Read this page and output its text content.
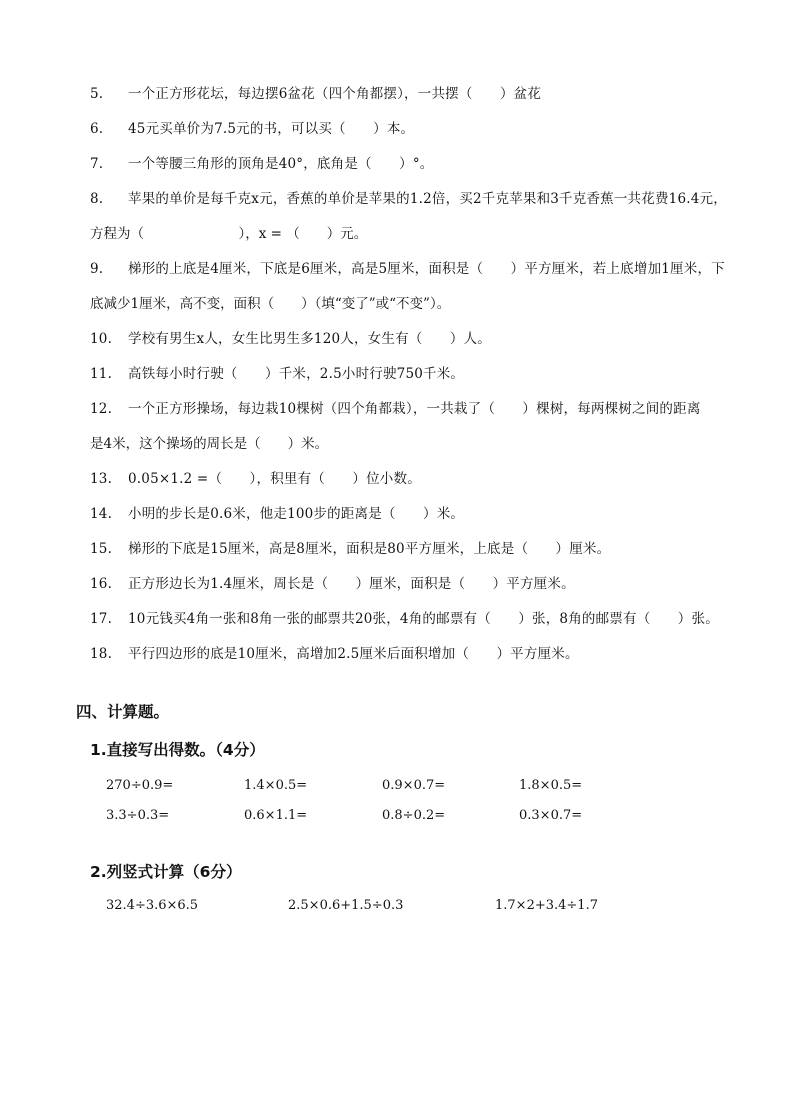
5. 一个正方形花坛，每边摆6盆花（四个角都摆），一共摆（　　）盆花
6. 45元买单价为7.5元的书，可以买（　　）本。
7. 一个等腰三角形的顶角是40°，底角是（　　）°。
8. 苹果的单价是每千克x元，香蕉的单价是苹果的1.2倍，买2千克苹果和3千克香蕉一共花费16.4元，
方程为（　　　　　　　），x = （　　）元。
9. 梯形的上底是4厘米，下底是6厘米，高是5厘米，面积是（　　）平方厘米，若上底增加1厘米，下
底减少1厘米，高不变，面积（　　）（填“变了”或“不变”）。
10. 学校有男生x人，女生比男生多120人，女生有（　　）人。
11. 高铁每小时行驶（　　）千米，2.5小时行驶750千米。
12. 一个正方形操场，每边栽10棵树（四个角都栽），一共栽了（　　）棵树，每两棵树之间的距离
是4米，这个操场的周长是（　　）米。
13. 0.05×1.2 =（　　），积里有（　　）位小数。
14. 小明的步长是0.6米，他走100步的距离是（　　）米。
15. 梯形的下底是15厘米，高是8厘米，面积是80平方厘米，上底是（　　）厘米。
16. 正方形边长为1.4厘米，周长是（　　）厘米，面积是（　　）平方厘米。
17. 10元钱买4角一张和8角一张的邮票共20张，4角的邮票有（　　）张，8角的邮票有（　　）张。
18. 平行四边形的底是10厘米，高增加2.5厘米后面积增加（　　）平方厘米。
四、计算题。
1.直接写出得数。（4分）
270÷0.9=	1.4×0.5=	0.9×0.7=	1.8×0.5=
3.3÷0.3=	0.6×1.1=	0.8÷0.2=	0.3×0.7=
2.列竖式计算（6分）
32.4÷3.6×6.5	2.5×0.6+1.5÷0.3	1.7×2+3.4÷1.7
